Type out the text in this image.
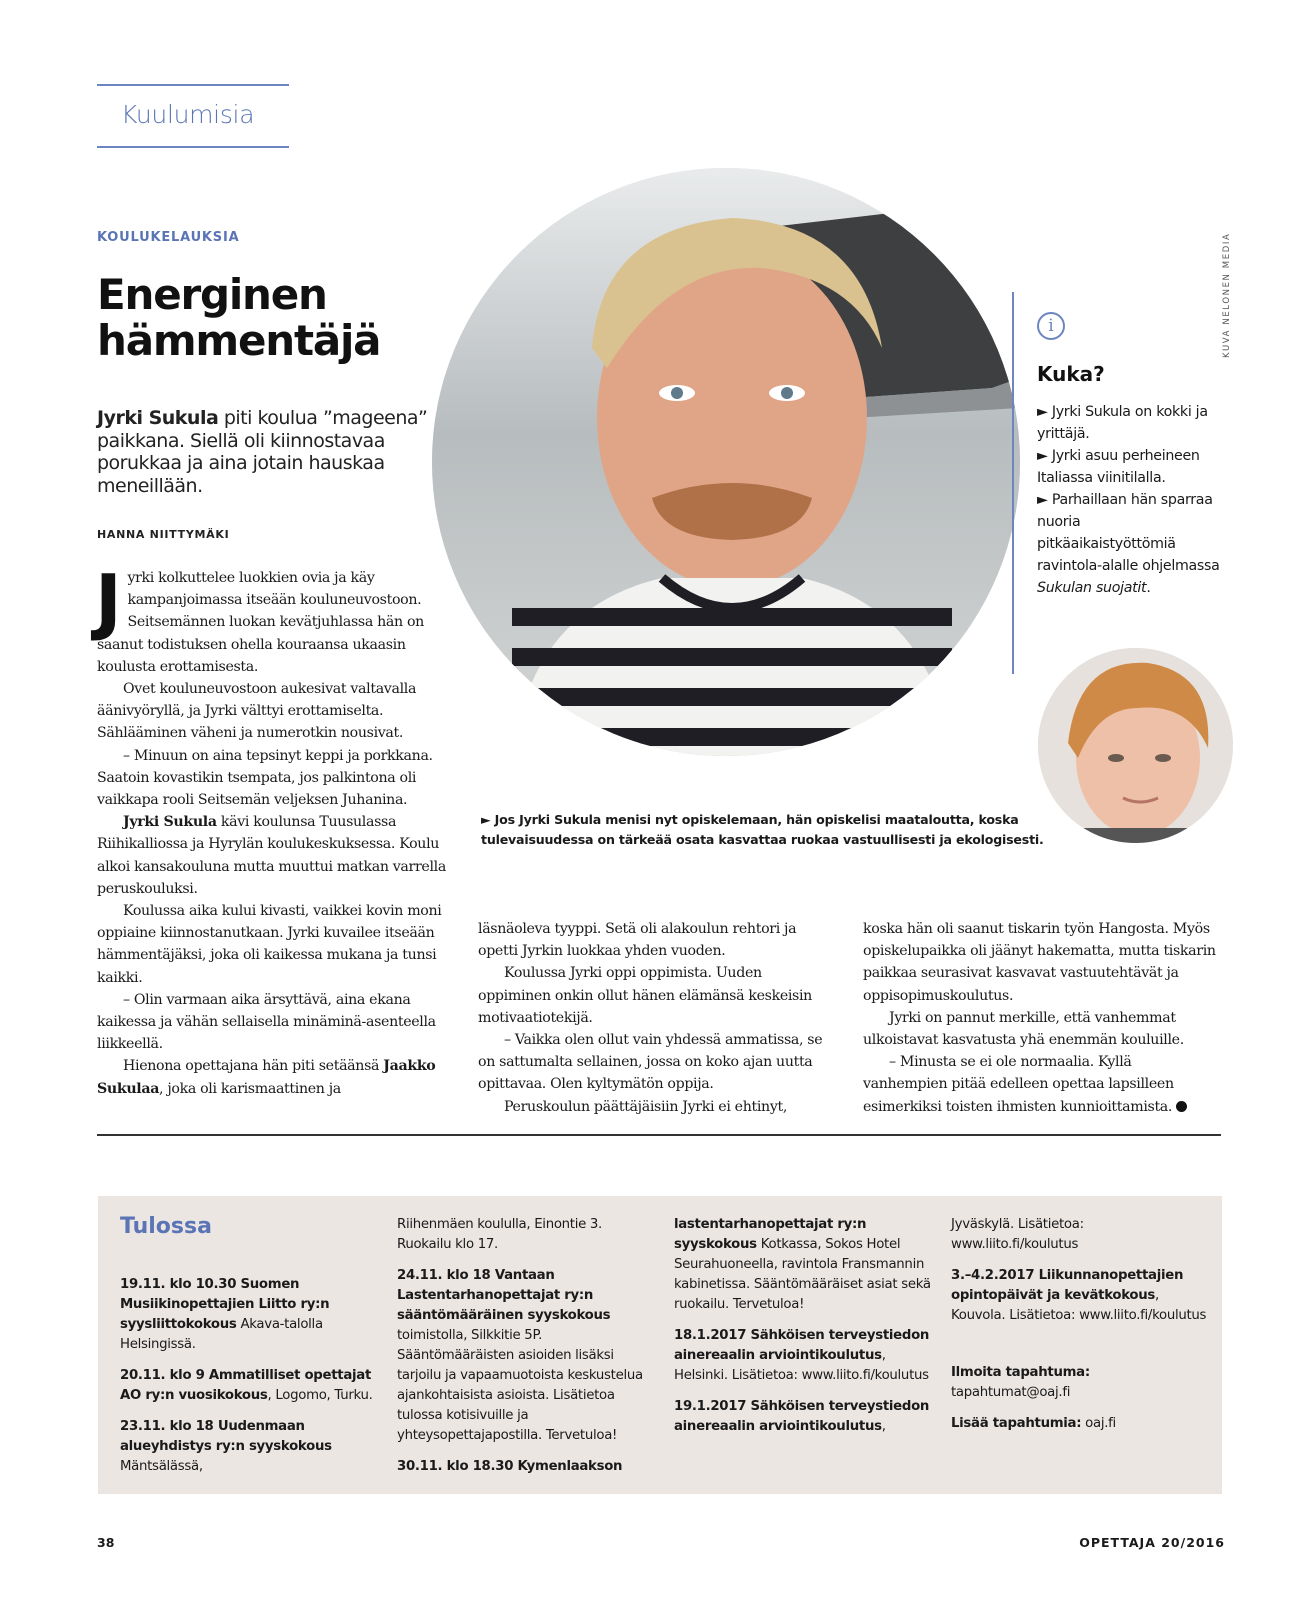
Kuulumisia
KOULUKELAUKSIA
Energinen
hämmentäjä
Jyrki Sukula piti koulua ”mageena” paikkana. Siellä oli kiinnostavaa porukkaa ja aina jotain hauskaa meneillään.
HANNA NIITTYMÄKI

Jyrki kolkuttelee luokkien ovia ja käy kampanjoimassa itseään kouluneuvostoon. Seitsemännen luokan kevätjuhlassa hän on saanut todistuksen ohella kouraansa ukaasin koulusta erottamisesta.

Ovet kouluneuvostoon aukesivat valtavalla äänivyöryllä, ja Jyrki välttyi erottamiselta. Sählääminen väheni ja numerotkin nousivat.

– Minuun on aina tepsinyt keppi ja porkkana. Saatoin kovastikin tsempata, jos palkintona oli vaikkapa rooli Seitsemän veljeksen Juhanina.

Jyrki Sukula kävi koulunsa Tuusulassa Riihikalliossa ja Hyrylän koulukeskuksessa. Koulu alkoi kansakouluna mutta muuttui matkan varrella peruskouluksi.

Koulussa aika kului kivasti, vaikkei kovin moni oppiaine kiinnostanutkaan. Jyrki kuvailee itseään hämmentäjäksi, joka oli kaikessa mukana ja tunsi kaikki.

– Olin varmaan aika ärsyttävä, aina ekana kaikessa ja vähän sellaisella minäminä-asenteella liikkeellä.

Hienona opettajana hän piti setäänsä Jaakko Sukulaa, joka oli karismaattinen ja

läsnäoleva tyyppi. Setä oli alakoulun rehtori ja opetti Jyrkin luokkaa yhden vuoden.

Koulussa Jyrki oppi oppimista. Uuden oppiminen onkin ollut hänen elämänsä keskeisin motivaatiotekijä.

– Vaikka olen ollut vain yhdessä ammatissa, se on sattumalta sellainen, jossa on koko ajan uutta opittavaa. Olen kyltymätön oppija.

Peruskoulun päättäjäisiin Jyrki ei ehtinyt,

koska hän oli saanut tiskarin työn Hangosta. Myös opiskelupaikka oli jäänyt hakematta, mutta tiskarin paikkaa seurasivat kasvavat vastuutehtävät ja oppisopimuskoulutus.

Jyrki on pannut merkille, että vanhemmat ulkoistavat kasvatusta yhä enemmän kouluille.

– Minusta se ei ole normaalia. Kyllä vanhempien pitää edelleen opettaa lapsilleen esimerkiksi toisten ihmisten kunnioittamista.

i
Kuka?
► Jyrki Sukula on kokki ja yrittäjä.
► Jyrki asuu perheineen Italiassa viinitilalla.
► Parhaillaan hän sparraa nuoria pitkäaikaistyöttömiä ravintola-alalle ohjelmassa Sukulan suojatit.
KUVA NELONEN MEDIA
► Jos Jyrki Sukula menisi nyt opiskelemaan, hän opiskelisi maataloutta, koska tulevaisuudessa on tärkeää osata kasvattaa ruokaa vastuullisesti ja ekologisesti.
Tulossa

19.11. klo 10.30 Suomen Musiikinopettajien Liitto ry:n syysliittokokous Akava-talolla Helsingissä.

20.11. klo 9 Ammatilliset opettajat AO ry:n vuosikokous, Logomo, Turku.

23.11. klo 18 Uudenmaan alueyhdistys ry:n syyskokous Mäntsälässä,

Riihenmäen koululla, Einontie 3. Ruokailu klo 17.

24.11. klo 18 Vantaan Lastentarhanopettajat ry:n sääntömääräinen syyskokous toimistolla, Silkkitie 5P. Sääntömääräisten asioiden lisäksi tarjoilu ja vapaamuotoista keskustelua ajankohtaisista asioista. Lisätietoa tulossa kotisivuille ja yhteysopettajapostilla. Tervetuloa!

30.11. klo 18.30 Kymenlaakson

lastentarhanopettajat ry:n syyskokous Kotkassa, Sokos Hotel Seurahuoneella, ravintola Fransmannin kabinetissa. Sääntömääräiset asiat sekä ruokailu. Tervetuloa!

18.1.2017 Sähköisen terveystiedon ainereaalin arviointikoulutus, Helsinki. Lisätietoa: www.liito.fi/koulutus

19.1.2017 Sähköisen terveystiedon ainereaalin arviointikoulutus,

Jyväskylä. Lisätietoa: www.liito.fi/koulutus

3.–4.2.2017 Liikunnanopettajien opintopäivät ja kevätkokous, Kouvola. Lisätietoa: www.liito.fi/koulutus

Ilmoita tapahtuma:
tapahtumat@oaj.fi

Lisää tapahtumia: oaj.fi

38	OPETTAJA 20/2016
